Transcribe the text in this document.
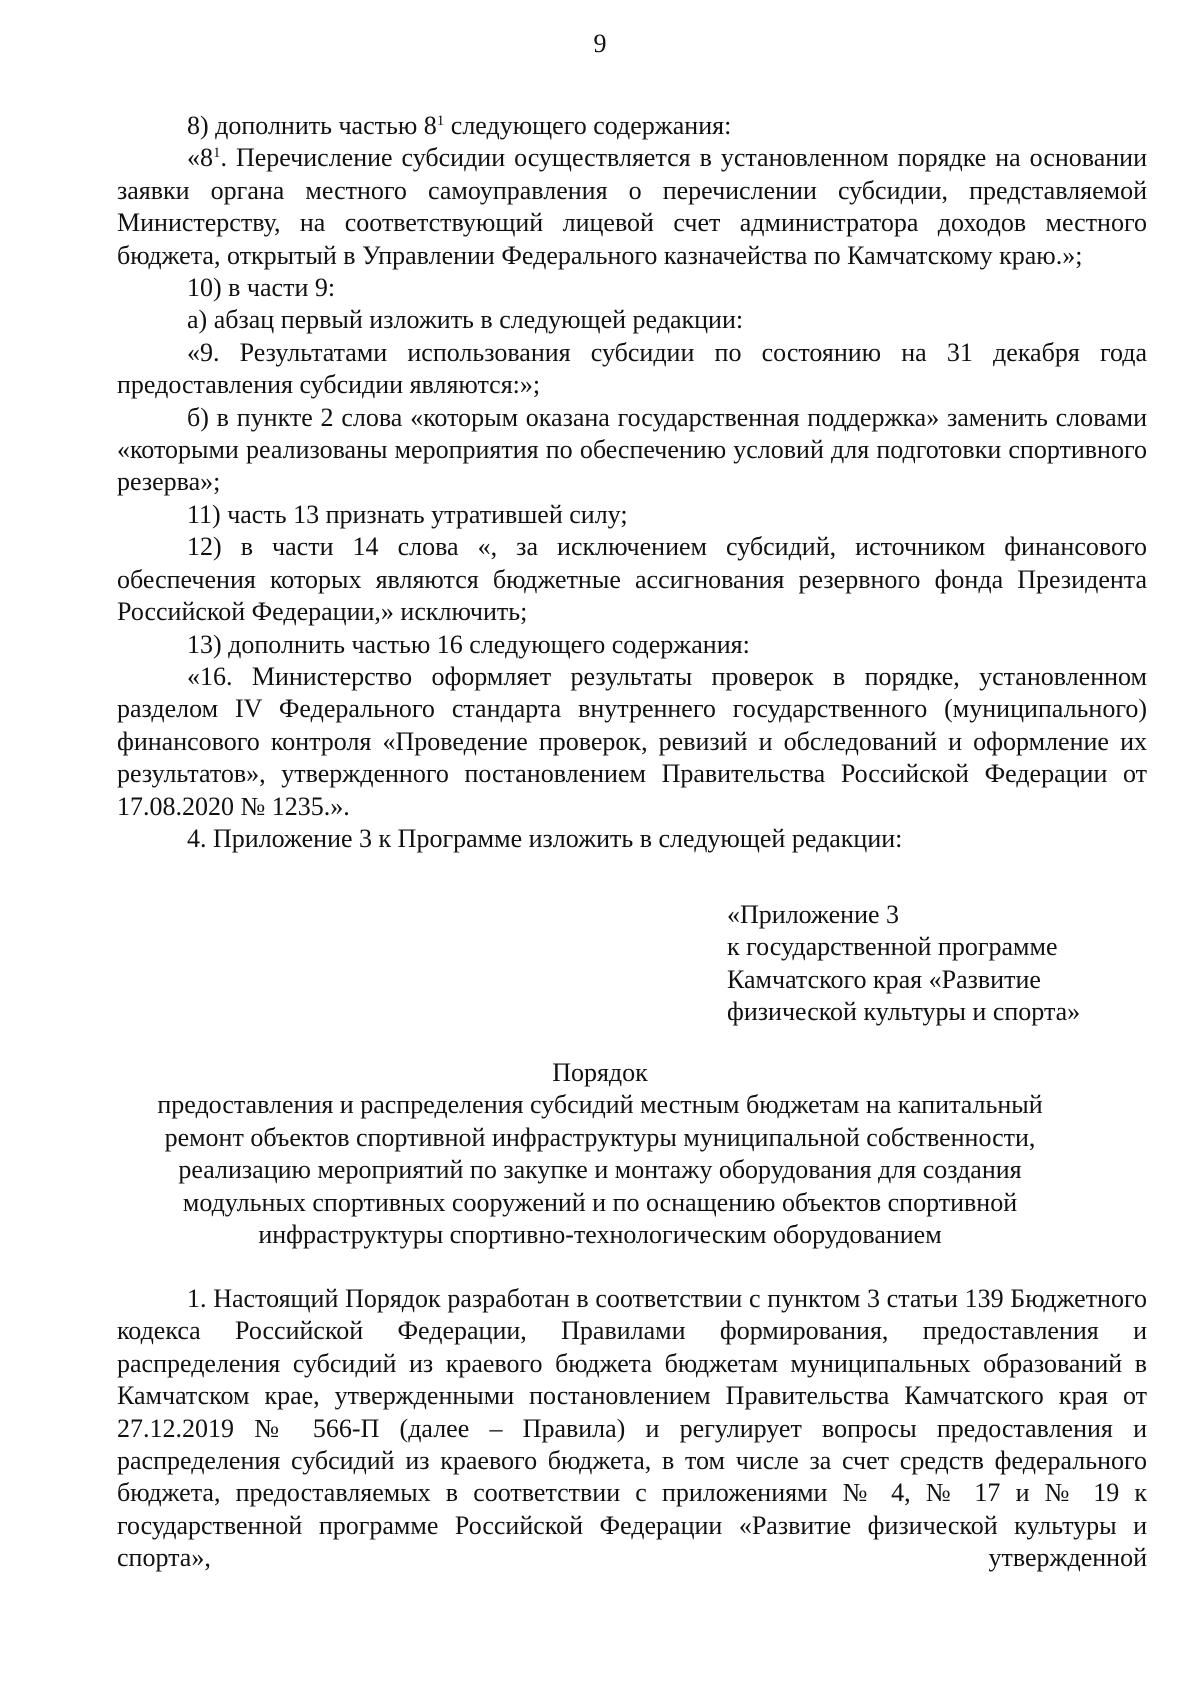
9

8) дополнить частью $8^1$ следующего содержания:

«$8^1$. Перечисление субсидии осуществляется в установленном порядке на основании заявки органа местного самоуправления о перечислении субсидии, представляемой Министерству, на соответствующий лицевой счет администратора доходов местного бюджета, открытый в Управлении Федерального казначейства по Камчатскому краю.»;

10) в части 9:

а) абзац первый изложить в следующей редакции:

«9. Результатами использования субсидии по состоянию на 31 декабря года предоставления субсидии являются:»;

б) в пункте 2 слова «которым оказана государственная поддержка» заменить словами «которыми реализованы мероприятия по обеспечению условий для подготовки спортивного резерва»;

11) часть 13 признать утратившей силу;

12) в части 14 слова «, за исключением субсидий, источником финансового обеспечения которых являются бюджетные ассигнования резервного фонда Президента Российской Федерации,» исключить;

13) дополнить частью 16 следующего содержания:

«16. Министерство оформляет результаты проверок в порядке, установленном разделом IV Федерального стандарта внутреннего государственного (муниципального) финансового контроля «Проведение проверок, ревизий и обследований и оформление их результатов», утвержденного постановлением Правительства Российской Федерации от 17.08.2020 № 1235.».

4. Приложение 3 к Программе изложить в следующей редакции:

«Приложение 3
к государственной программе
Камчатского края «Развитие
физической культуры и спорта»
Порядок
предоставления и распределения субсидий местным бюджетам на капитальный
ремонт объектов спортивной инфраструктуры муниципальной собственности,
реализацию мероприятий по закупке и монтажу оборудования для создания
модульных спортивных сооружений и по оснащению объектов спортивной
инфраструктуры спортивно-технологическим оборудованием

1. Настоящий Порядок разработан в соответствии с пунктом 3 статьи 139 Бюджетного кодекса Российской Федерации, Правилами формирования, предоставления и распределения субсидий из краевого бюджета бюджетам муниципальных образований в Камчатском крае, утвержденными постановлением Правительства Камчатского края от 27.12.2019 № 566-П (далее – Правила) и регулирует вопросы предоставления и распределения субсидий из краевого бюджета, в том числе за счет средств федерального бюджета, предоставляемых в соответствии с приложениями № 4, № 17 и № 19 к государственной программе Российской Федерации «Развитие физической культуры и спорта», утвержденной
